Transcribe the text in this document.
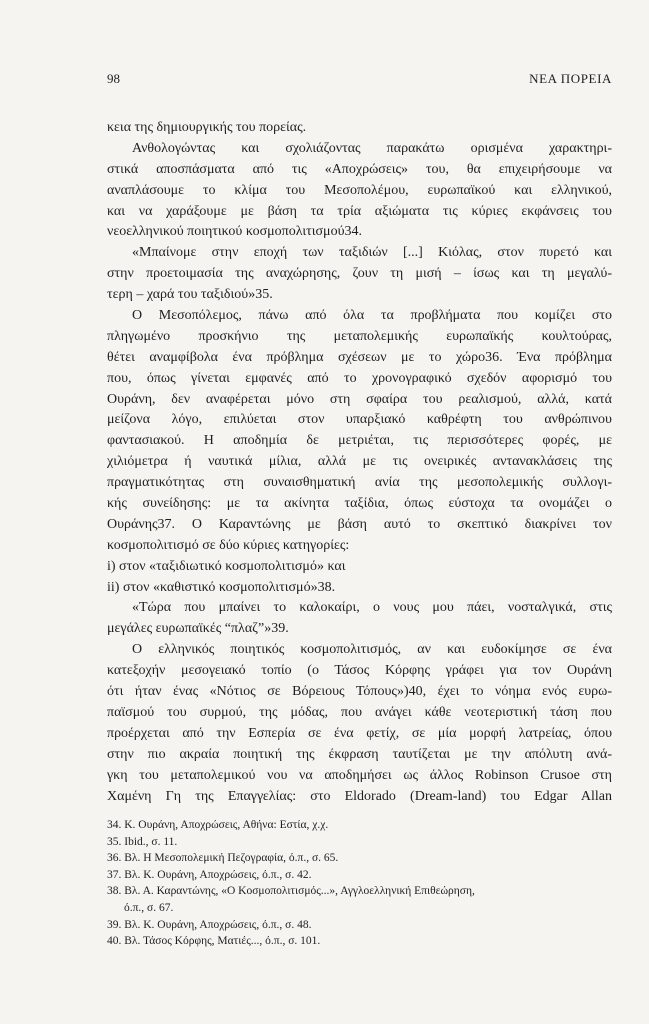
98	ΝΕΑ ΠΟΡΕΙΑ
κεια της δημιουργικής του πορείας.
Ανθολογώντας και σχολιάζοντας παρακάτω ορισμένα χαρακτηρι-
στικά αποσπάσματα από τις «Αποχρώσεις» του, θα επιχειρήσουμε να
αναπλάσουμε το κλίμα του Μεσοπολέμου, ευρωπαϊκού και ελληνικού,
και να χαράξουμε με βάση τα τρία αξιώματα τις κύριες εκφάνσεις του
νεοελληνικού ποιητικού κοσμοπολιτισμού34.
«Μπαίνομε στην εποχή των ταξιδιών [...] Κιόλας, στον πυρετό και
στην προετοιμασία της αναχώρησης, ζουν τη μισή – ίσως και τη μεγαλύ-
τερη – χαρά του ταξιδιού»35.
Ο Μεσοπόλεμος, πάνω από όλα τα προβλήματα που κομίζει στο
πληγωμένο προσκήνιο της μεταπολεμικής ευρωπαϊκής κουλτούρας,
θέτει αναμφίβολα ένα πρόβλημα σχέσεων με το χώρο36. Ένα πρόβλημα
που, όπως γίνεται εμφανές από το χρονογραφικό σχεδόν αφορισμό του
Ουράνη, δεν αναφέρεται μόνο στη σφαίρα του ρεαλισμού, αλλά, κατά
μείζονα λόγο, επιλύεται στον υπαρξιακό καθρέφτη του ανθρώπινου
φαντασιακού. Η αποδημία δε μετριέται, τις περισσότερες φορές, με
χιλιόμετρα ή ναυτικά μίλια, αλλά με τις ονειρικές αντανακλάσεις της
πραγματικότητας στη συναισθηματική ανία της μεσοπολεμικής συλλογι-
κής συνείδησης: με τα ακίνητα ταξίδια, όπως εύστοχα τα ονομάζει ο
Ουράνης37. Ο Καραντώνης με βάση αυτό το σκεπτικό διακρίνει τον
κοσμοπολιτισμό σε δύο κύριες κατηγορίες:
i) στον «ταξιδιωτικό κοσμοπολιτισμό» και
ii) στον «καθιστικό κοσμοπολιτισμό»38.
«Τώρα που μπαίνει το καλοκαίρι, ο νους μου πάει, νοσταλγικά, στις
μεγάλες ευρωπαϊκές “πλαζ”»39.
Ο ελληνικός ποιητικός κοσμοπολιτισμός, αν και ευδοκίμησε σε ένα
κατεξοχήν μεσογειακό τοπίο (ο Τάσος Κόρφης γράφει για τον Ουράνη
ότι ήταν ένας «Νότιος σε Βόρειους Τόπους»)40, έχει το νόημα ενός ευρω-
παϊσμού του συρμού, της μόδας, που ανάγει κάθε νεοτεριστική τάση που
προέρχεται από την Εσπερία σε ένα φετίχ, σε μία μορφή λατρείας, όπου
στην πιο ακραία ποιητική της έκφραση ταυτίζεται με την απόλυτη ανά-
γκη του μεταπολεμικού νου να αποδημήσει ως άλλος Robinson Crusoe στη
Χαμένη Γη της Επαγγελίας: στο Eldorado (Dream-land) του Edgar Allan
34. Κ. Ουράνη, Αποχρώσεις, Αθήνα: Εστία, χ.χ.
35. Ibid., σ. 11.
36. Βλ. Η Μεσοπολεμική Πεζογραφία, ό.π., σ. 65.
37. Βλ. Κ. Ουράνη, Αποχρώσεις, ό.π., σ. 42.
38. Βλ. Α. Καραντώνης, «Ο Κοσμοπολιτισμός...», Αγγλοελληνική Επιθεώρηση,
ό.π., σ. 67.
39. Βλ. Κ. Ουράνη, Αποχρώσεις, ό.π., σ. 48.
40. Βλ. Τάσος Κόρφης, Ματιές..., ό.π., σ. 101.
